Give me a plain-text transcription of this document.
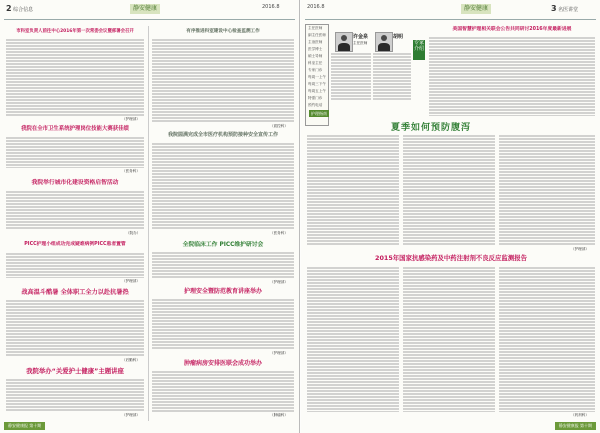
2 综合信息	静安健康	2016.8
市科室负责人前往中心2016年第一次常委会议暨部署会召开
（护理部）
我院在全市卫生系统护理岗位技能大赛获佳绩
（医务科）
我院举行城市化建设资格启智活动
（院办）
PICC护理小组成功完成疑难病例PICC患者置管
（护理部）
战高温斗酷暑 全体职工全力以赴抗暑热
（后勤科）
我院举办“关爱护士健康”主题讲座
（护理部）
有序推进科室建设中心检查监测工作
（质控科）
我院圆满完成全市医疗机构预防接种安全宣传工作
（医务科）
全院临床工作 PICC维护研讨会
（护理部）
护理安全暨防范教育讲座举办
（护理部）
肿瘤病房安排医联会成功举办
（肿瘤科）
静安健康报 第十期
2016.8	静安健康	3 名医讲堂
主任医师
副主任医师
主治医师
医学博士
硕士导师
科室主任
专家门诊
每周一上午
每周三下午
每周五上午
特需门诊
预约电话
许金泉
主任医师
胡明
专家介绍
美国智慧护理相关联会公告共同研讨2016年度最新进展
护理指南
夏季如何预防腹泻
（护理部）
2015年国家抗感染药及中药注射剂不良反应监测报告
（药剂科）
静安健康报 第十期
